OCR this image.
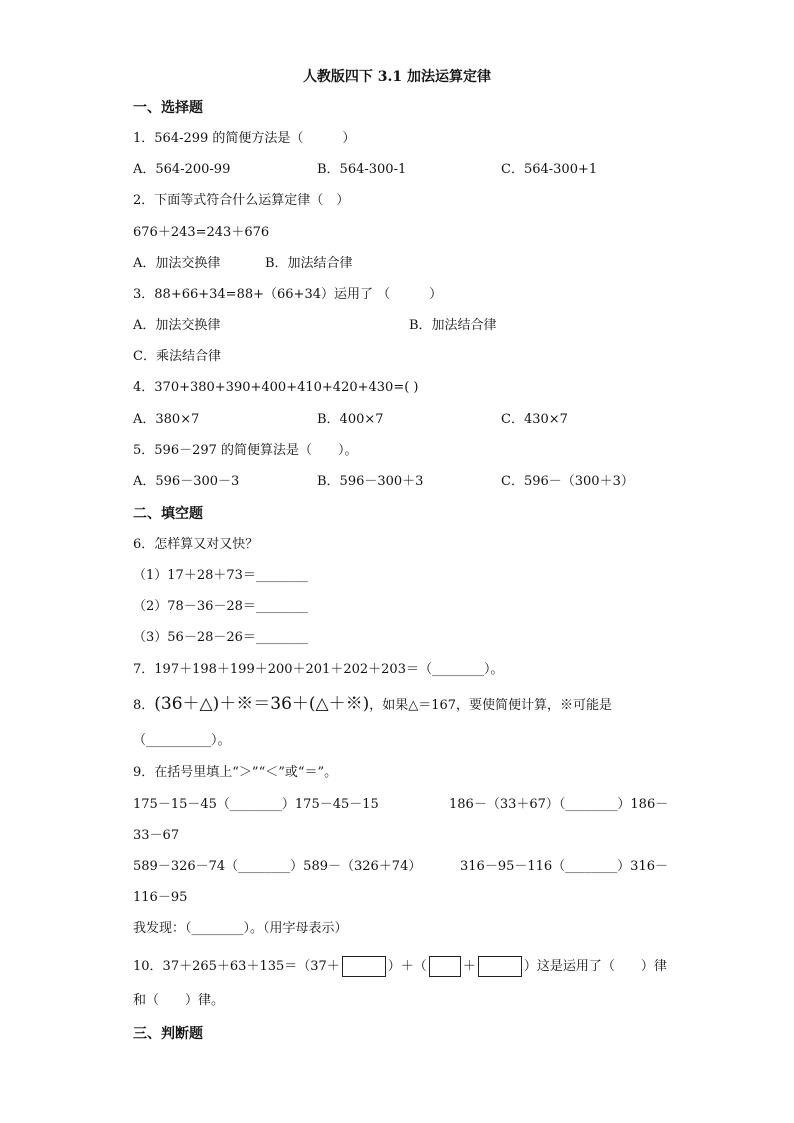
人教版四下 3.1 加法运算定律
一、选择题
1．564-299 的简便方法是（　　　）
A．564-200-99	B．564-300-1	C．564-300+1
2．下面等式符合什么运算定律（　）
676＋243=243＋676
A．加法交换律	B．加法结合律
3．88+66+34=88+（66+34）运用了 （　　　）
A．加法交换律	B．加法结合律
C．乘法结合律
4．370+380+390+400+410+420+430=( )
A．380×7	B．400×7	C．430×7
5．596－297 的简便算法是（　　）。
A．596－300－3	B．596－300＋3	C．596－（300＋3）
二、填空题
6．怎样算又对又快？
（1）17＋28＋73＝________
（2）78－36－28＝________
（3）56－28－26＝________
7．197＋198＋199＋200＋201＋202＋203＝（________）。
8．(36＋△)＋※＝36＋(△＋※)，如果△＝167，要使简便计算，※可能是
（__________）。
9．在括号里填上“＞”“＜”或“＝”。
175－15－45（________）175－45－15	186－（33＋67）（________）186－
33－67
589－326－74（________）589－（326＋74）	316－95－116（________）316－
116－95
我发现：（________）。（用字母表示）
10．37＋265＋63＋135＝（37＋	）＋（	＋	）这是运用了（　　）律
和（　　）律。
三、判断题
